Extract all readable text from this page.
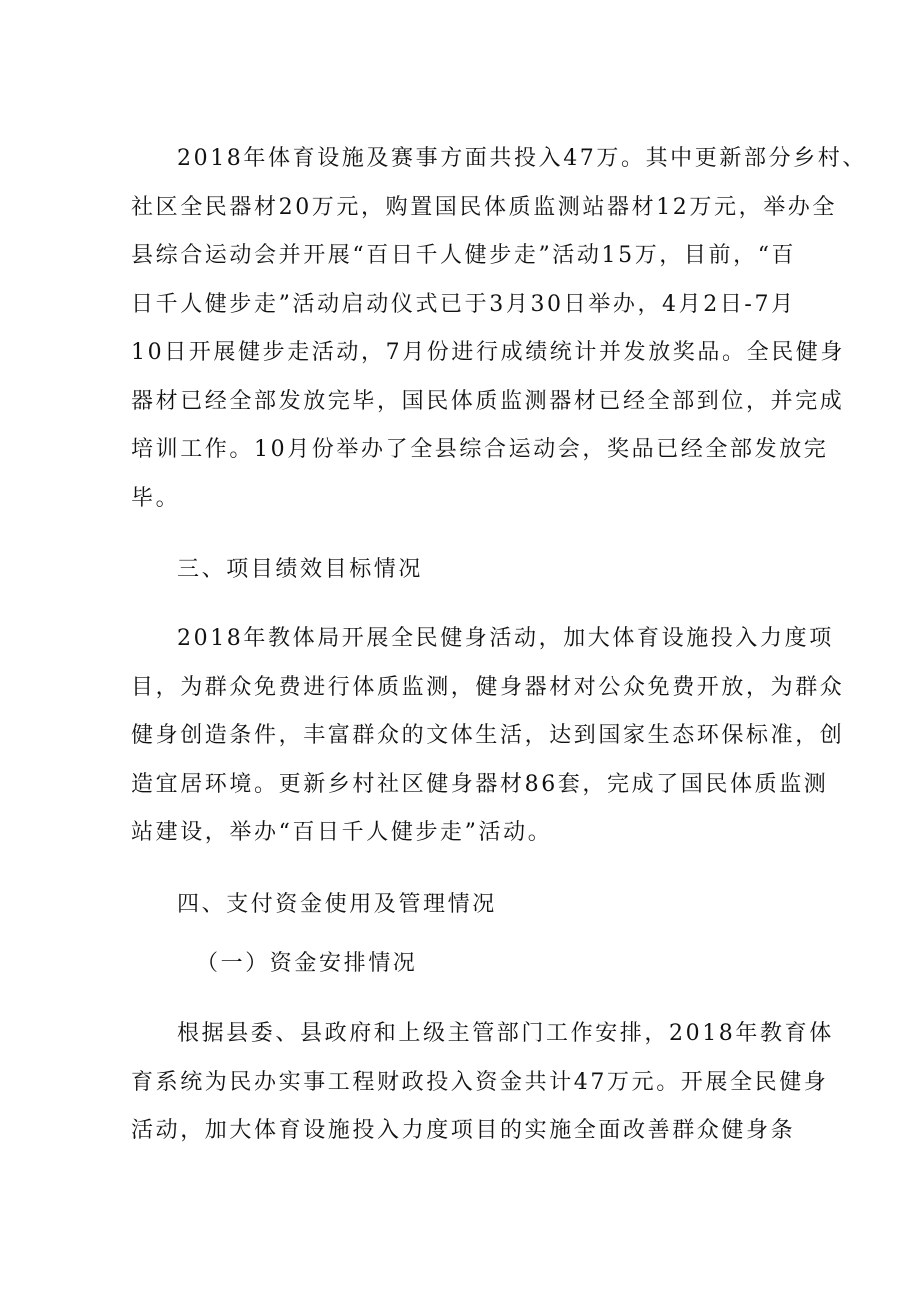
2018年体育设施及赛事方面共投入47万。其中更新部分乡村、

社区全民器材20万元，购置国民体质监测站器材12万元，举办全

县综合运动会并开展“百日千人健步走”活动15万，目前，“百

日千人健步走”活动启动仪式已于3月30日举办，4月2日-7月

10日开展健步走活动，7月份进行成绩统计并发放奖品。全民健身

器材已经全部发放完毕，国民体质监测器材已经全部到位，并完成

培训工作。10月份举办了全县综合运动会，奖品已经全部发放完

毕。

三、项目绩效目标情况

2018年教体局开展全民健身活动，加大体育设施投入力度项

目，为群众免费进行体质监测，健身器材对公众免费开放，为群众

健身创造条件，丰富群众的文体生活，达到国家生态环保标准，创

造宜居环境。更新乡村社区健身器材86套，完成了国民体质监测

站建设，举办“百日千人健步走”活动。

四、支付资金使用及管理情况

（一）资金安排情况

根据县委、县政府和上级主管部门工作安排，2018年教育体

育系统为民办实事工程财政投入资金共计47万元。开展全民健身

活动，加大体育设施投入力度项目的实施全面改善群众健身条
